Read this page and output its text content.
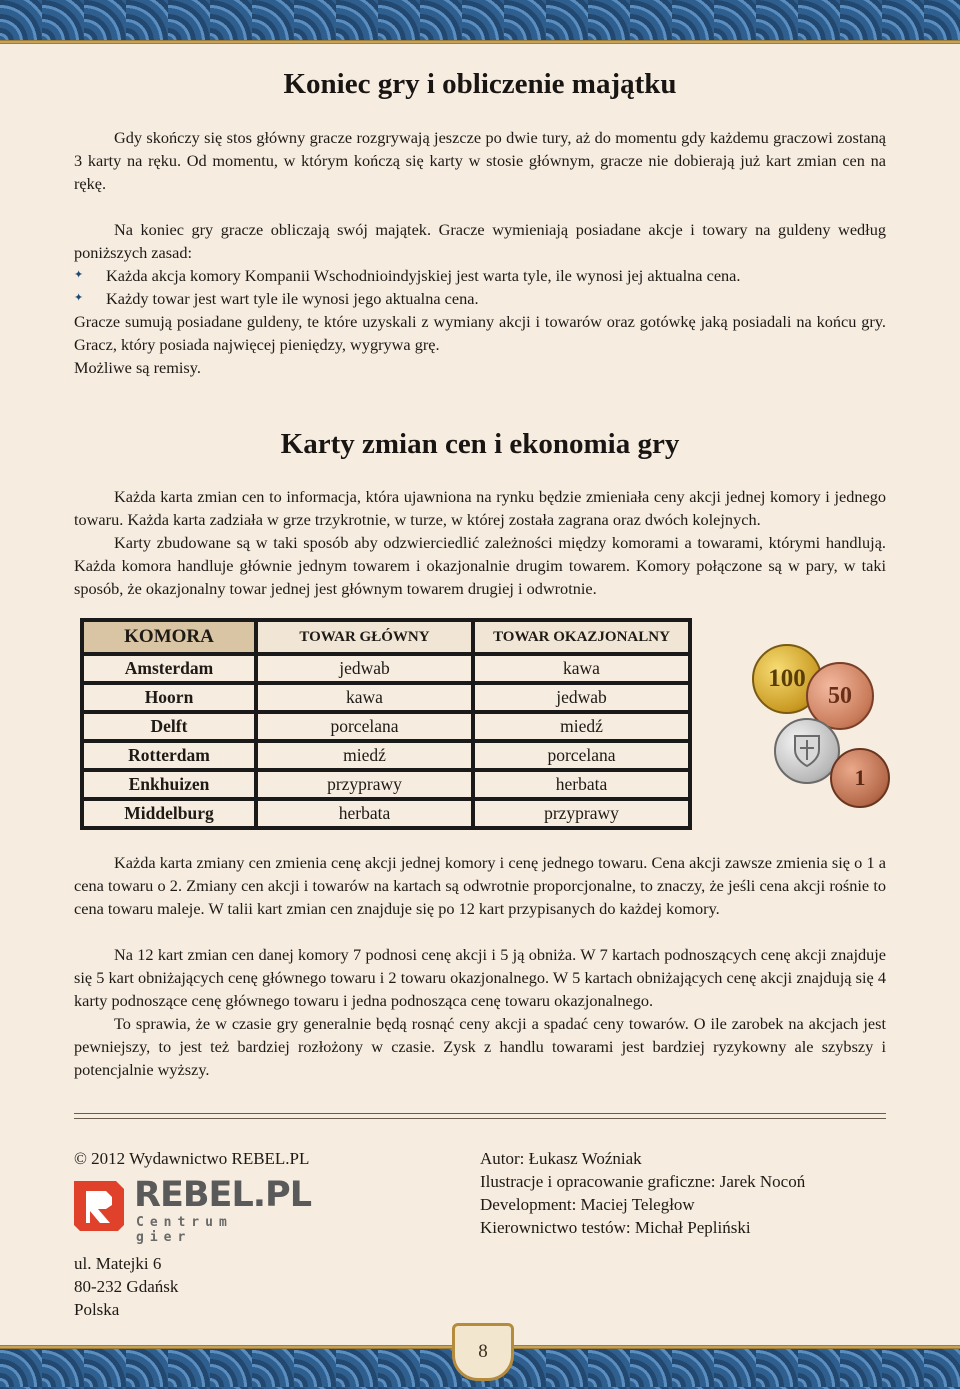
Koniec gry i obliczenie majątku

Gdy skończy się stos główny gracze rozgrywają jeszcze po dwie tury, aż do momentu gdy każdemu graczowi zostaną 3 karty na ręku. Od momentu, w którym kończą się karty w stosie głównym, gracze nie dobierają już kart zmian cen na rękę.

Na koniec gry gracze obliczają swój majątek. Gracze wymieniają posiadane akcje i towary na guldeny według poniższych zasad:

✦ Każda akcja komory Kompanii Wschodnioindyjskiej jest warta tyle, ile wynosi jej aktualna cena.
✦ Każdy towar jest wart tyle ile wynosi jego aktualna cena.

Gracze sumują posiadane guldeny, te które uzyskali z wymiany akcji i towarów oraz gotówkę jaką posiadali na końcu gry. Gracz, który posiada najwięcej pieniędzy, wygrywa grę.

Możliwe są remisy.

Karty zmian cen i ekonomia gry

Każda karta zmian cen to informacja, która ujawniona na rynku będzie zmieniała ceny akcji jednej komory i jednego towaru. Każda karta zadziała w grze trzykrotnie, w turze, w której została zagrana oraz dwóch kolejnych.

Karty zbudowane są w taki sposób aby odzwierciedlić zależności między komorami a towarami, którymi handlują. Każda komora handluje głównie jednym towarem i okazjonalnie drugim towarem. Komory połączone są w pary, w taki sposób, że okazjonalny towar jednej jest głównym towarem drugiej i odwrotnie.

KOMORA	TOWAR GŁÓWNY	TOWAR OKAZJONALNY
Amsterdam	jedwab	kawa
Hoorn	kawa	jedwab
Delft	porcelana	miedź
Rotterdam	miedź	porcelana
Enkhuizen	przyprawy	herbata
Middelburg	herbata	przyprawy
100
50
1

Każda karta zmiany cen zmienia cenę akcji jednej komory i cenę jednego towaru. Cena akcji zawsze zmienia się o 1 a cena towaru o 2. Zmiany cen akcji i towarów na kartach są odwrotnie proporcjonalne, to znaczy, że jeśli cena akcji rośnie to cena towaru maleje. W talii kart zmian cen znajduje się po 12 kart przypisanych do każdej komory.

Na 12 kart zmian cen danej komory 7 podnosi cenę akcji i 5 ją obniża. W 7 kartach podnoszących cenę akcji znajduje się 5 kart obniżających cenę głównego towaru i 2 towaru okazjonalnego. W 5 kartach obniżających cenę akcji znajdują się 4 karty podnoszące cenę głównego towaru i jedna podnosząca cenę towaru okazjonalnego.

To sprawia, że w czasie gry generalnie będą rosnąć ceny akcji a spadać ceny towarów. O ile zarobek na akcjach jest pewniejszy, to jest też bardziej rozłożony w czasie. Zysk z handlu towarami jest bardziej ryzykowny ale szybszy i potencjalnie wyższy.

© 2012 Wydawnictwo REBEL.PL
REBEL.PL
Centrum gier
ul. Matejki 6
80-232 Gdańsk
Polska
Autor: Łukasz Woźniak
Ilustracje i opracowanie graficzne: Jarek Nocoń
Development: Maciej Teległow
Kierownictwo testów: Michał Pepliński
8
